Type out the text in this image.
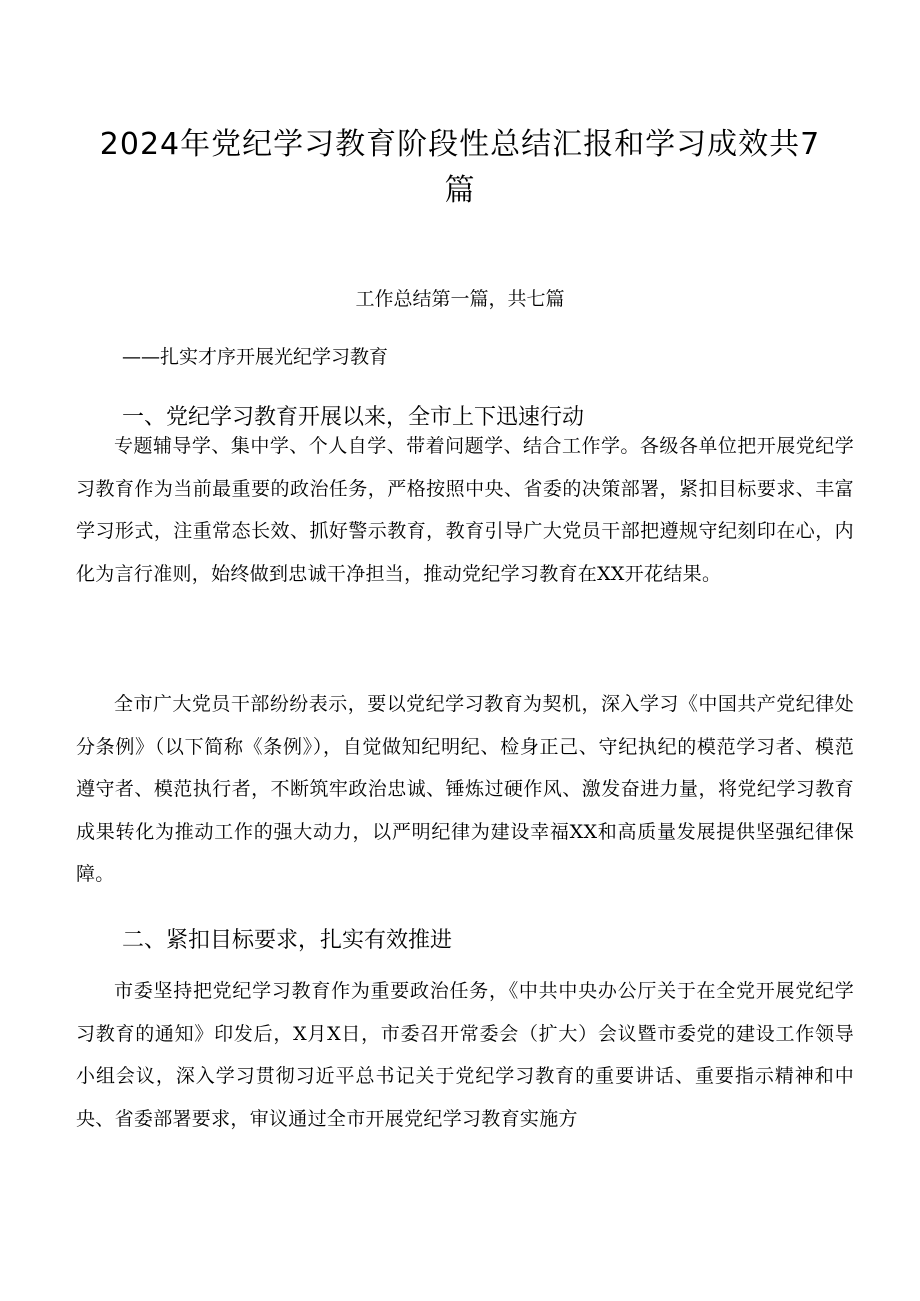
2024年党纪学习教育阶段性总结汇报和学习成效共7篇

工作总结第一篇，共七篇

——扎实才序开展光纪学习教育

一、党纪学习教育开展以来，全市上下迅速行动

专题辅导学、集中学、个人自学、带着问题学、结合工作学。各级各单位把开展党纪学习教育作为当前最重要的政治任务，严格按照中央、省委的决策部署，紧扣目标要求、丰富学习形式，注重常态长效、抓好警示教育，教育引导广大党员干部把遵规守纪刻印在心，内化为言行准则，始终做到忠诚干净担当，推动党纪学习教育在XX开花结果。

全市广大党员干部纷纷表示，要以党纪学习教育为契机，深入学习《中国共产党纪律处分条例》（以下简称《条例》），自觉做知纪明纪、检身正己、守纪执纪的模范学习者、模范遵守者、模范执行者，不断筑牢政治忠诚、锤炼过硬作风、激发奋进力量，将党纪学习教育成果转化为推动工作的强大动力，以严明纪律为建设幸福XX和高质量发展提供坚强纪律保障。

二、紧扣目标要求，扎实有效推进

市委坚持把党纪学习教育作为重要政治任务，《中共中央办公厅关于在全党开展党纪学习教育的通知》印发后，X月X日，市委召开常委会（扩大）会议暨市委党的建设工作领导小组会议，深入学习贯彻习近平总书记关于党纪学习教育的重要讲话、重要指示精神和中央、省委部署要求，审议通过全市开展党纪学习教育实施方
